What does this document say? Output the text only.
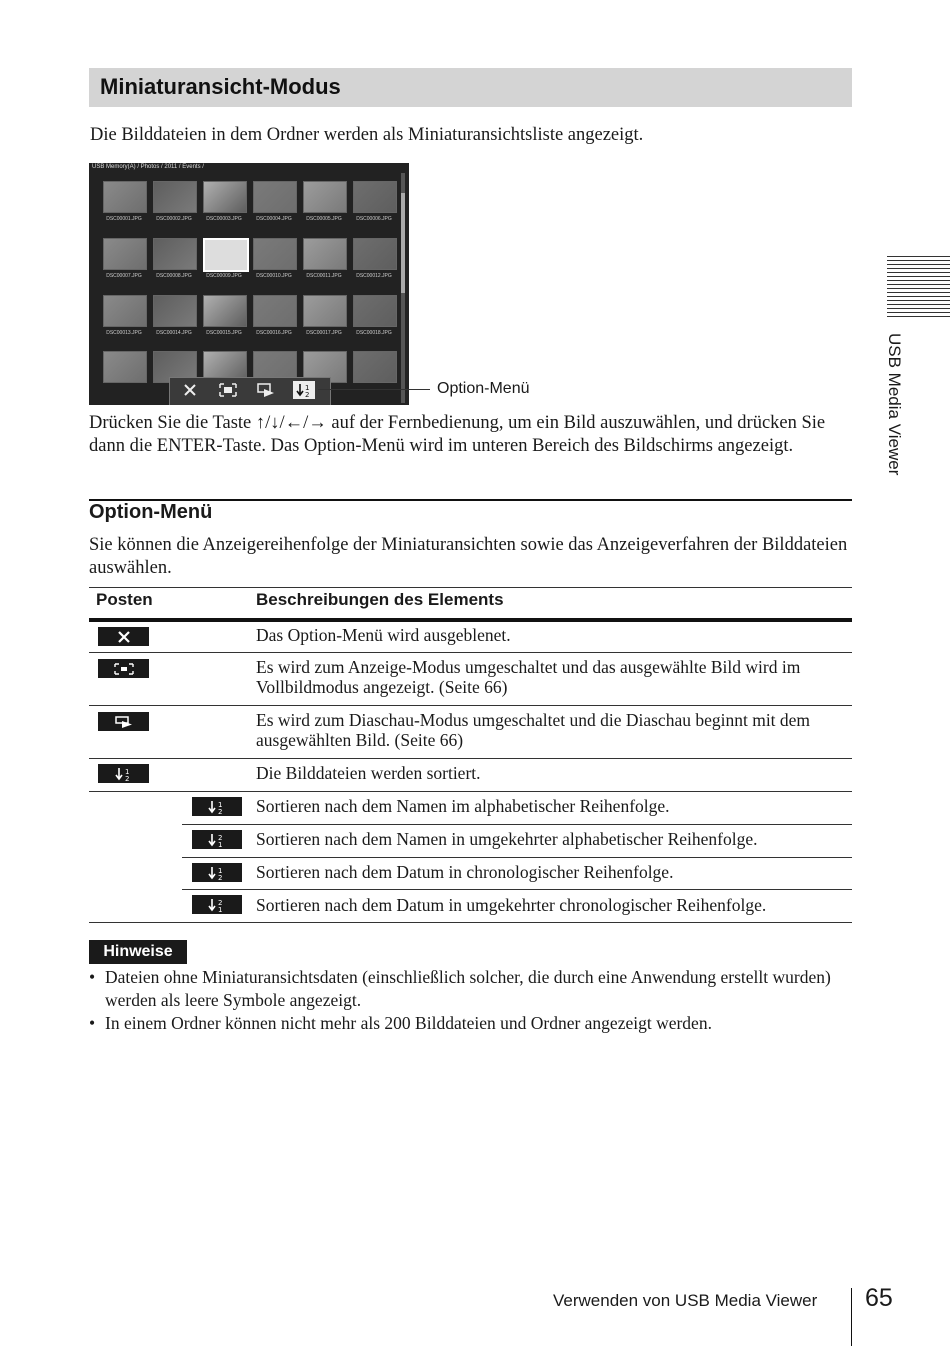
Miniaturansicht-Modus
Die Bilddateien in dem Ordner werden als Miniaturansichtsliste angezeigt.
USB Memory(A) / Photos / 2011 / Events /
DSC00001.JPG	DSC00002.JPG	DSC00003.JPG	DSC00004.JPG	DSC00005.JPG	DSC00006.JPG
DSC00007.JPG	DSC00008.JPG	DSC00009.JPG	DSC00010.JPG	DSC00011.JPG	DSC00012.JPG
DSC00013.JPG	DSC00014.JPG	DSC00015.JPG	DSC00016.JPG	DSC00017.JPG	DSC00018.JPG
1
2	Option-Menü
Drücken Sie die Taste ↑/↓/←/→ auf der Fernbedienung, um ein Bild auszuwählen, und drücken Sie dann die ENTER-Taste. Das Option-Menü wird im unteren Bereich des Bildschirms angezeigt.
Option-Menü
Sie können die Anzeigereihenfolge der Miniaturansichten sowie das Anzeigeverfahren der Bilddateien auswählen.
Posten	Beschreibungen des Elements
Das Option-Menü wird ausgeblenet.
Es wird zum Anzeige-Modus umgeschaltet und das ausgewählte Bild wird im Vollbildmodus angezeigt. (Seite 66)
Es wird zum Diaschau-Modus umgeschaltet und die Diaschau beginnt mit dem ausgewählten Bild. (Seite 66)
1
2	Die Bilddateien werden sortiert.
1
2 Sortieren nach dem Namen im alphabetischer Reihenfolge.
2
1 Sortieren nach dem Namen in umgekehrter alphabetischer Reihenfolge.
1
2 Sortieren nach dem Datum in chronologischer Reihenfolge.
2
1 Sortieren nach dem Datum in umgekehrter chronologischer Reihenfolge.
Hinweise
• Dateien ohne Miniaturansichtsdaten (einschließlich solcher, die durch eine Anwendung erstellt wurden) werden als leere Symbole angezeigt.
• In einem Ordner können nicht mehr als 200 Bilddateien und Ordner angezeigt werden.
USB Media Viewer
Verwenden von USB Media Viewer 65
